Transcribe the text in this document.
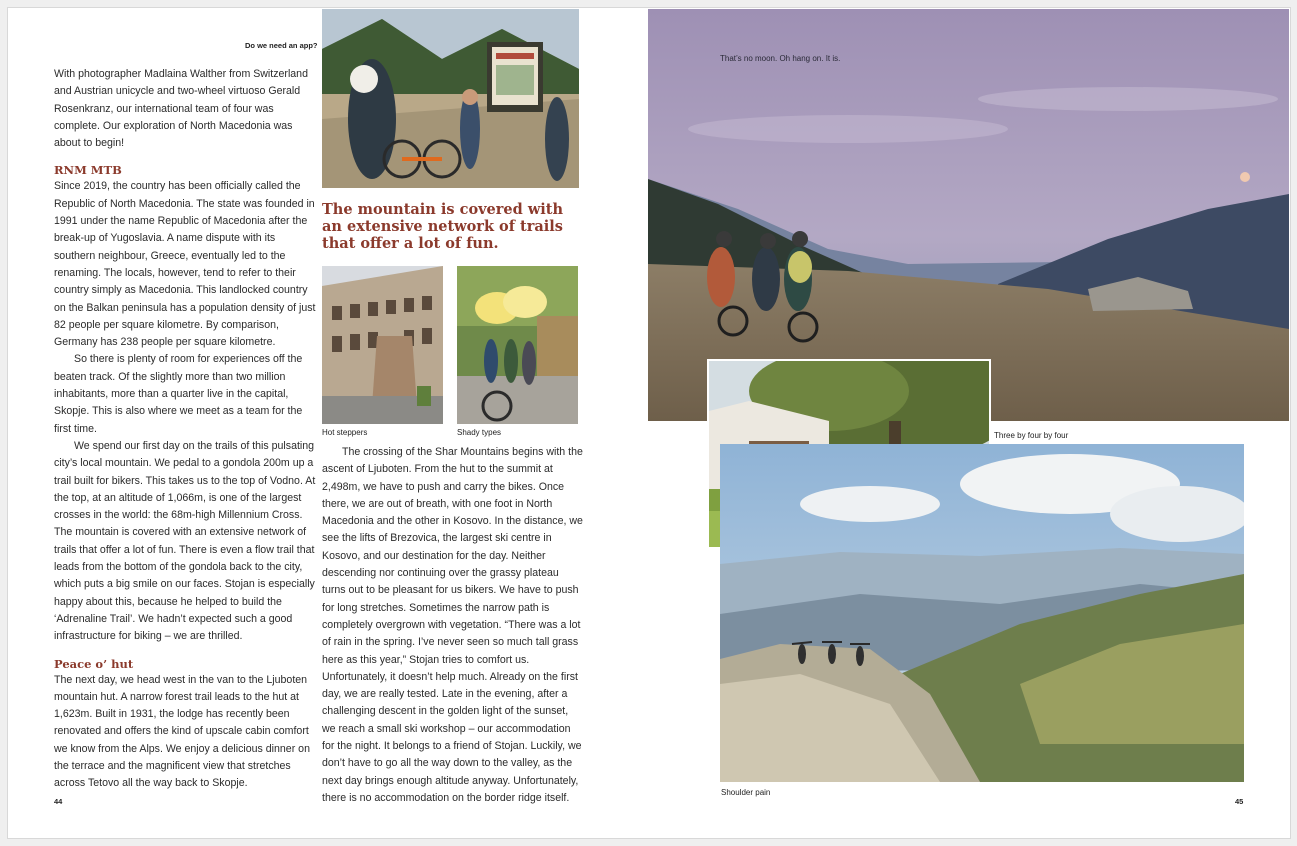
Do we need an app?

With photographer Madlaina Walther from Switzerland and Austrian unicycle and two-wheel virtuoso Gerald Rosenkranz, our international team of four was complete. Our exploration of North Macedonia was about to begin!

RNM MTB

Since 2019, the country has been officially called the Republic of North Macedonia. The state was founded in 1991 under the name Republic of Macedonia after the break-up of Yugoslavia. A name dispute with its southern neighbour, Greece, eventually led to the renaming. The locals, however, tend to refer to their country simply as Macedonia. This landlocked country on the Balkan peninsula has a population density of just 82 people per square kilometre. By comparison, Germany has 238 people per square kilometre.

So there is plenty of room for experiences off the beaten track. Of the slightly more than two million inhabitants, more than a quarter live in the capital, Skopje. This is also where we meet as a team for the first time.

We spend our first day on the trails of this pulsating city’s local mountain. We pedal to a gondola 200m up a trail built for bikers. This takes us to the top of Vodno. At the top, at an altitude of 1,066m, is one of the largest crosses in the world: the 68m-high Millennium Cross. The mountain is covered with an extensive network of trails that offer a lot of fun. There is even a flow trail that leads from the bottom of the gondola back to the city, which puts a big smile on our faces. Stojan is especially happy about this, because he helped to build the ‘Adrenaline Trail’. We hadn’t expected such a good infrastructure for biking – we are thrilled.

Peace o’ hut

The next day, we head west in the van to the Ljuboten mountain hut. A narrow forest trail leads to the hut at 1,623m. Built in 1931, the lodge has recently been renovated and offers the kind of upscale cabin comfort we know from the Alps. We enjoy a delicious dinner on the terrace and the magnificent view that stretches across Tetovo all the way back to Skopje.

The mountain is covered with an extensive network of trails that offer a lot of fun.
Hot steppers	Shady types

The crossing of the Shar Mountains begins with the ascent of Ljuboten. From the hut to the summit at 2,498m, we have to push and carry the bikes. Once there, we are out of breath, with one foot in North Macedonia and the other in Kosovo. In the distance, we see the lifts of Brezovica, the largest ski centre in Kosovo, and our destination for the day. Neither descending nor continuing over the grassy plateau turns out to be pleasant for us bikers. We have to push for long stretches. Sometimes the narrow path is completely overgrown with vegetation. “There was a lot of rain in the spring. I’ve never seen so much tall grass here as this year,” Stojan tries to comfort us. Unfortunately, it doesn’t help much. Already on the first day, we are really tested. Late in the evening, after a challenging descent in the golden light of the sunset, we reach a small ski workshop – our accommodation for the night. It belongs to a friend of Stojan. Luckily, we don’t have to go all the way down to the valley, as the next day brings enough altitude anyway. Unfortunately, there is no accommodation on the border ridge itself.

44
That’s no moon. Oh hang on. It is.
Three by four by four
Shoulder pain
45
